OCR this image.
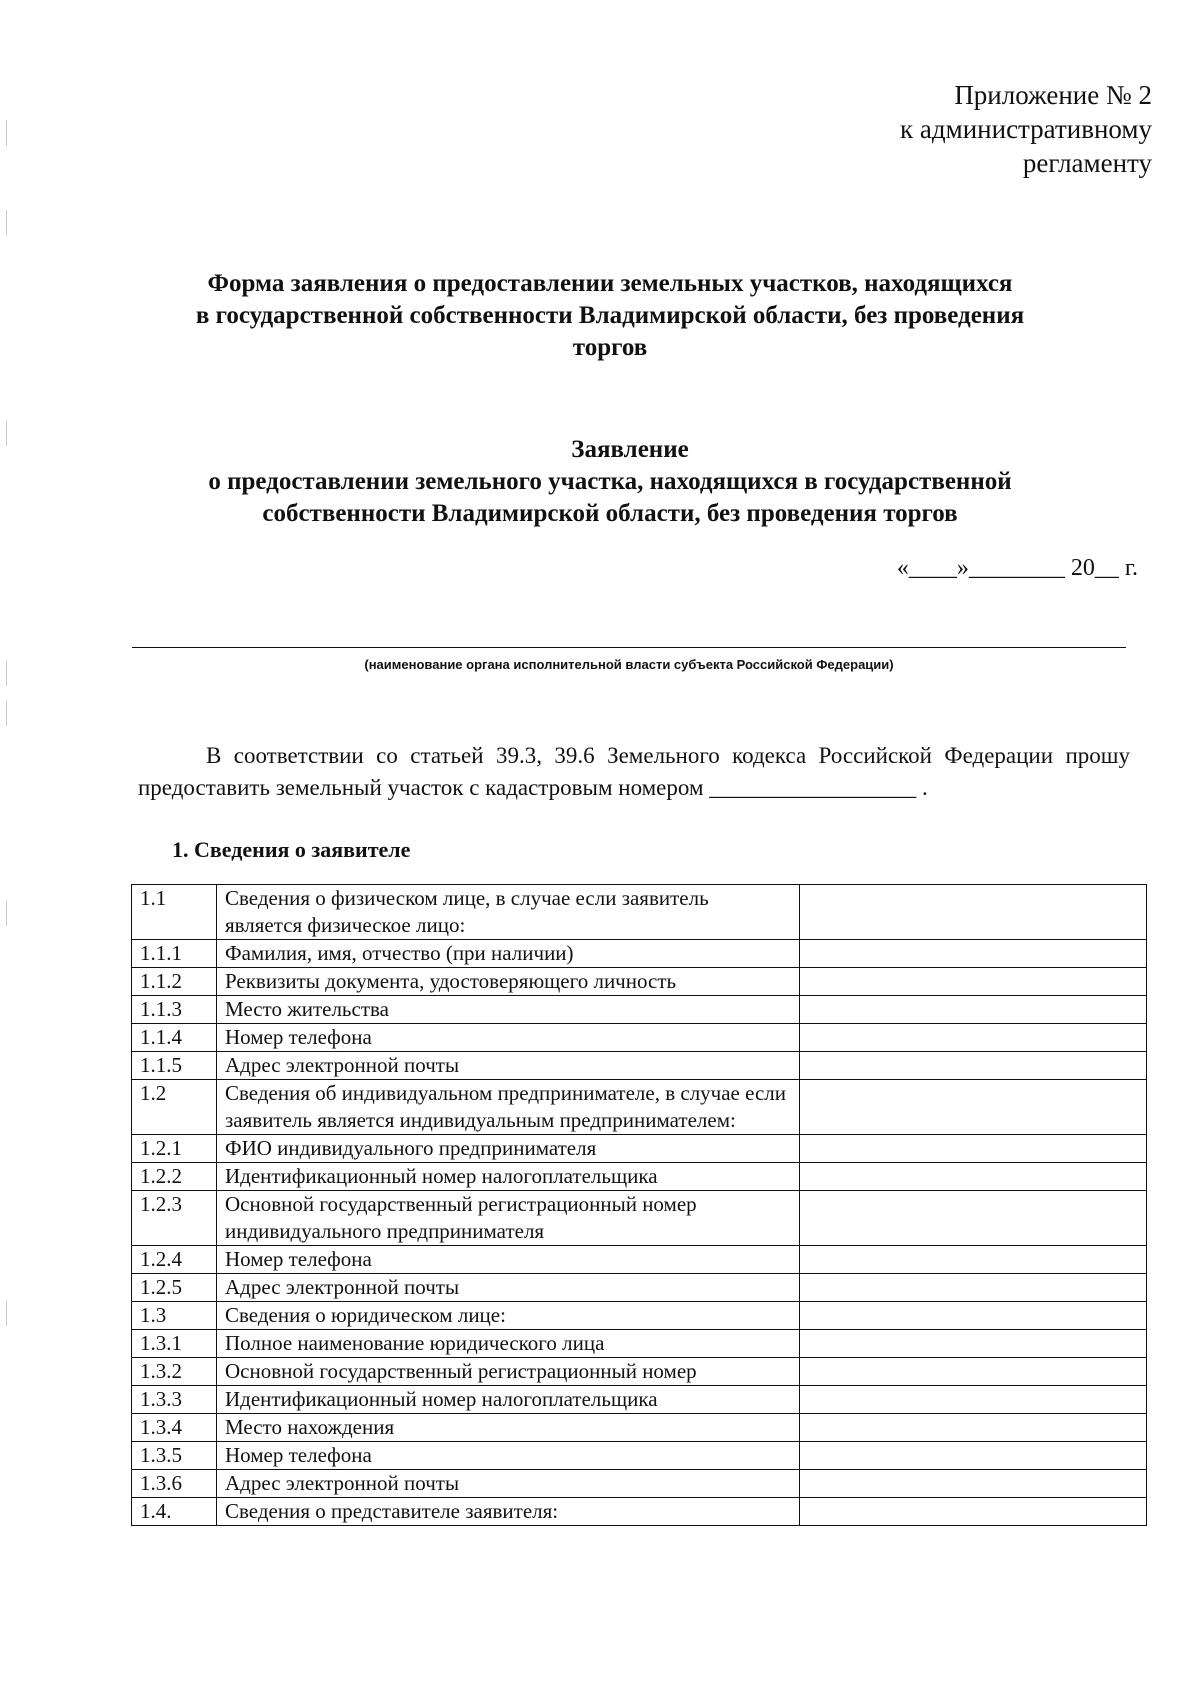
Приложение № 2
к административному
регламенту
Форма заявления о предоставлении земельных участков, находящихся
в государственной собственности Владимирской области, без проведения
торгов
Заявление
о предоставлении земельного участка, находящихся в государственной
собственности Владимирской области, без проведения торгов
«____»________ 20__ г.
(наименование органа исполнительной власти субъекта Российской Федерации)
В соответствии со статьей 39.3, 39.6 Земельного кодекса Российской Федерации прошу предоставить земельный участок с кадастровым номером __________________ .
1. Сведения о заявителе
1.1	Сведения о физическом лице, в случае если заявитель является физическое лицо:	
1.1.1	Фамилия, имя, отчество (при наличии)	
1.1.2	Реквизиты документа, удостоверяющего личность	
1.1.3	Место жительства	
1.1.4	Номер телефона	
1.1.5	Адрес электронной почты	
1.2	Сведения об индивидуальном предпринимателе, в случае если заявитель является индивидуальным предпринимателем:	
1.2.1	ФИО индивидуального предпринимателя	
1.2.2	Идентификационный номер налогоплательщика	
1.2.3	Основной государственный регистрационный номер индивидуального предпринимателя	
1.2.4	Номер телефона	
1.2.5	Адрес электронной почты	
1.3	Сведения о юридическом лице:	
1.3.1	Полное наименование юридического лица	
1.3.2	Основной государственный регистрационный номер	
1.3.3	Идентификационный номер налогоплательщика	
1.3.4	Место нахождения	
1.3.5	Номер телефона	
1.3.6	Адрес электронной почты	
1.4.	Сведения о представителе заявителя:	
